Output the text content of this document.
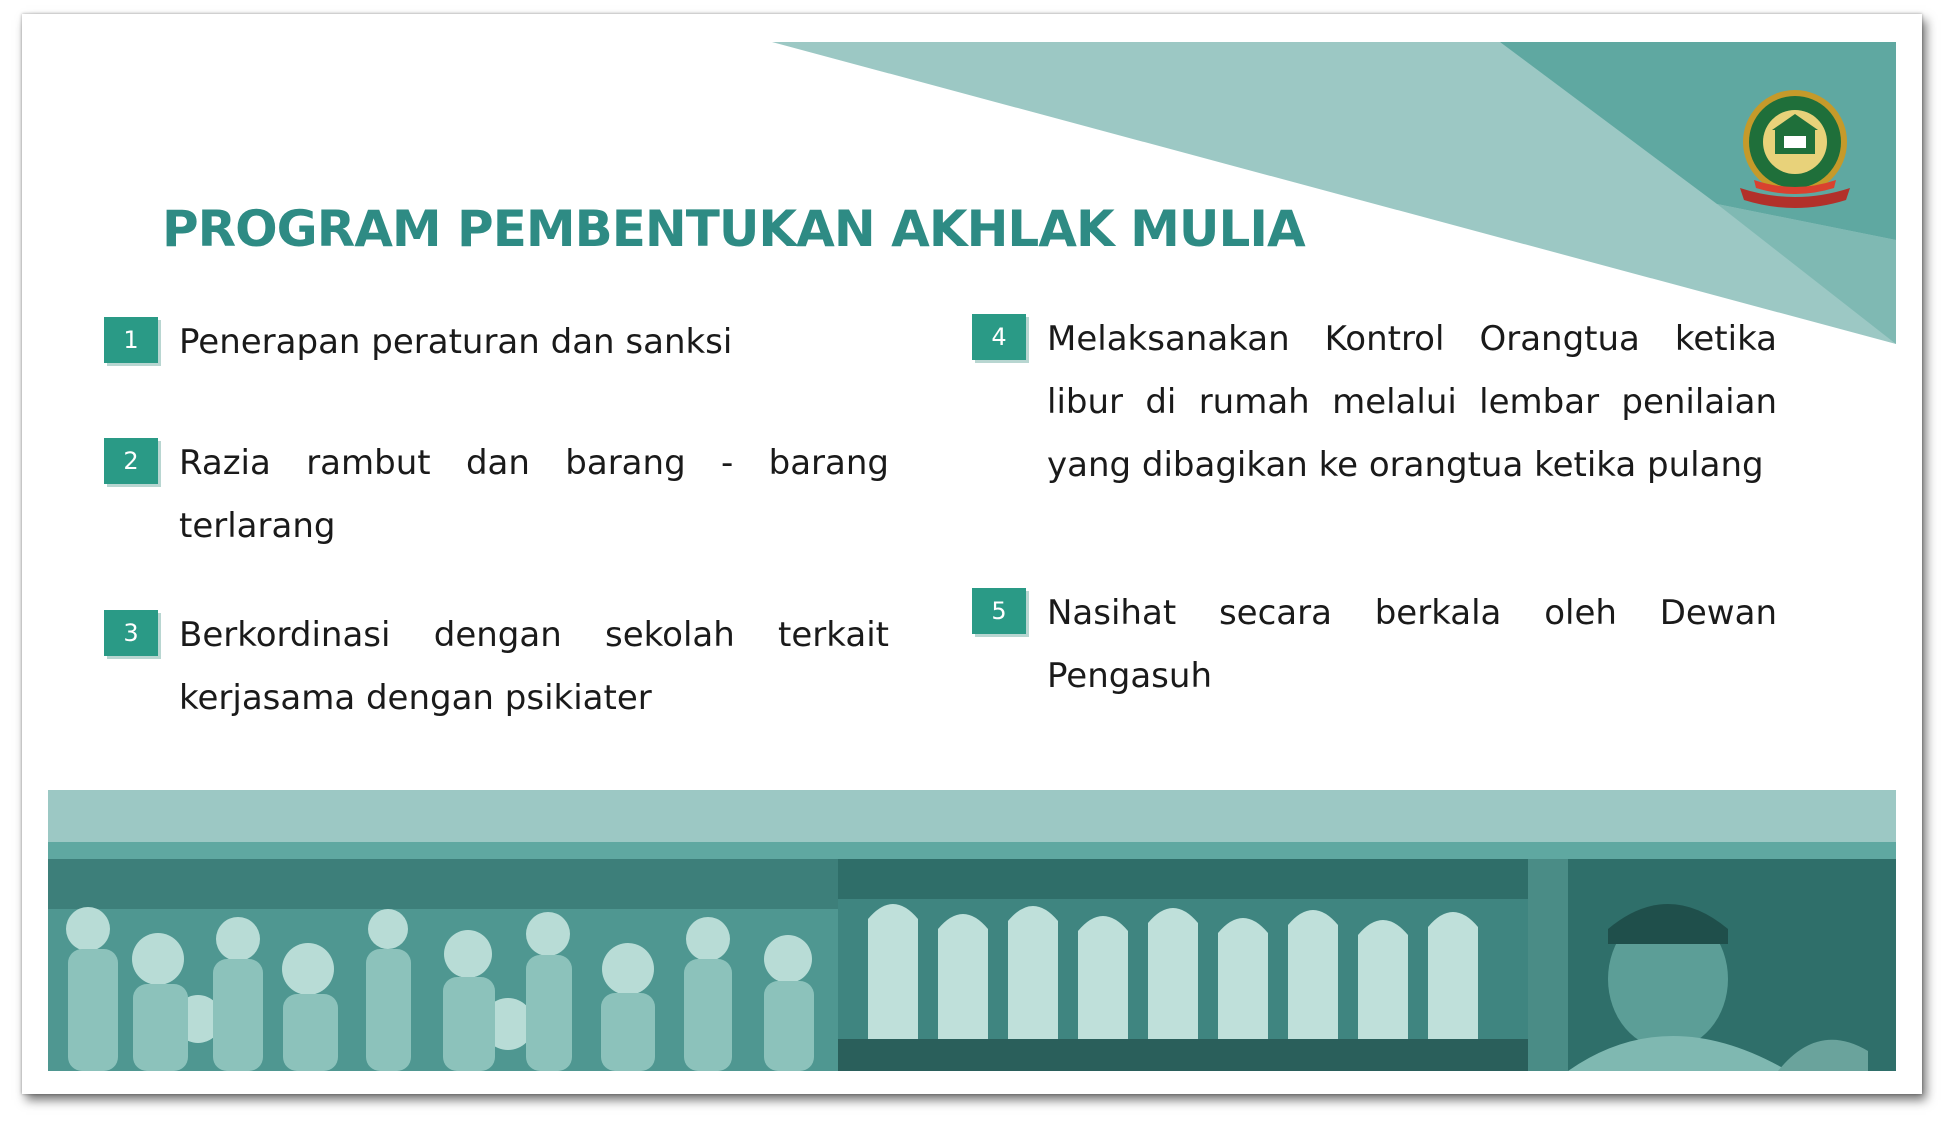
PROGRAM PEMBENTUKAN AKHLAK MULIA
1	Penerapan peraturan dan sanksi
2	Razia rambut dan barang - barang terlarang
3	Berkordinasi dengan sekolah terkait kerjasama dengan psikiater
4	Melaksanakan Kontrol Orangtua ketika libur di rumah melalui lembar penilaian yang dibagikan ke orangtua ketika pulang
5	Nasihat secara berkala oleh Dewan Pengasuh
